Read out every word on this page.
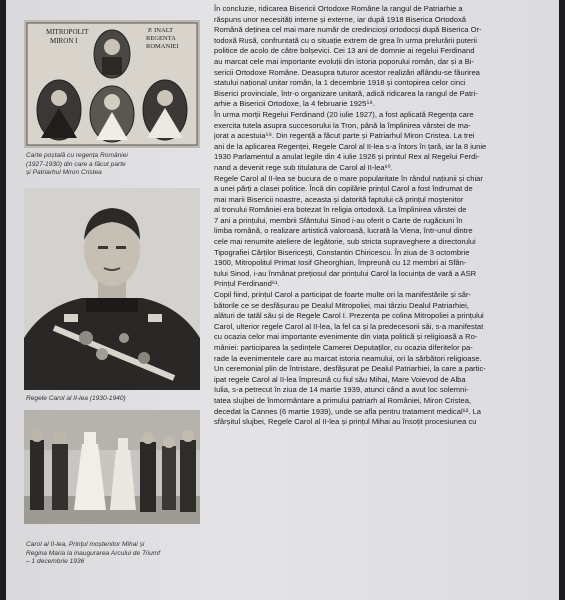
MITROPOLIT
MIRON I
P. INALT
REGENTA
ROMANIEI
Carte poștală cu regența României
(1927-1930) din care a făcut parte
și Patriarhul Miron Cristea
Regele Carol al II-lea (1930-1940)
Carol al II-lea, Prințul moștenitor Mihai și
Regina Maria la inaugurarea Arcului de Triumf
– 1 decembrie 1936
În concluzie, ridicarea Bisericii Ortodoxe Române la rangul de Patriarhie a
răspuns unor necesități interne și externe, iar după 1918 Biserica Ortodoxă
Română deținea cel mai mare număr de credincioși ortodocși după Biserica Or-
todoxă Rusă, confruntată cu o situație extrem de grea în urma prelurării puterii
politice de acolo de către bolșevici. Cei 13 ani de domnie ai regelui Ferdinand
au marcat cele mai importante evoluții din istoria poporului român, dar și a Bi-
sericii Ortodoxe Române. Deasupra tuturor acestor realizări aflându-se făurirea
statului național unitar român, la 1 decembrie 1918 și contopirea celor cinci
Biserici provinciale, într-o organizare unitară, adică ridicarea la rangul de Patri-
arhie a Bisericii Ortodoxe, la 4 februarie 1925⁵⁸.
În urma morții Regelui Ferdinand (20 iulie 1927), a fost aplicată Regența care
exercita tutela asupra succesorului la Tron, până la împlinirea vârstei de ma-
jorat a acestuia⁵⁹. Din regență a făcut parte și Patriarhul Miron Cristea. La trei
ani de la aplicarea Regenței, Regele Carol al II-lea s-a întors în țară, iar la 8 iunie
1930 Parlamentul a anulat legile din 4 iulie 1926 și printul Rex al Regelui Ferdi-
nand a devenit rege sub titulatura de Carol al II-lea⁶⁰.
Regele Carol al II-lea se bucura de o mare popularitate în rândul națiunii și chiar
a unei părți a clasei politice. Încă din copilărie prințul Carol a fost îndrumat de
mai marii Bisericii noastre, aceasta și datorită faptului că prințul moștenitor
al tronului României era botezat în religia ortodoxă. La împlinirea vârstei de
7 ani a prințului, membrii Sfântului Sinod i-au oferit o Carte de rugăciuni în
limba română, o realizare artistică valoroasă, lucrată la Viena, într-unul dintre
cele mai renumite ateliere de legătorie, sub stricta supraveghere a directorului
Tipografiei Cărților Bisericești, Constantin Chiricescu. În ziua de 3 octombrie
1900, Mitropolitul Primat Iosif Gheorghian, împreună cu 12 membri ai Sfân-
tului Sinod, i-au înmânat prețiosul dar prințului Carol la locuința de vară a ASR
Prințul Ferdinand⁶¹.
Copil fiind, prințul Carol a participat de foarte multe ori la manifestările și săr-
bătorile ce se desfășurau pe Dealul Mitropoliei, mai târziu Dealul Patriarhiei,
alături de tatăl său și de Regele Carol I. Prezența pe colina Mitropoliei a prințului
Carol, ulterior regele Carol al II-lea, la fel ca și la predecesorii săi, s-a manifestat
cu ocazia celor mai importante evenimente din viața politică și religioasă a Ro-
mâniei: participarea la ședințele Camerei Deputaților, cu ocazia diferitelor pa-
rade la evenimentele care au marcat istoria neamului, ori la sărbători religioase.
Un ceremonial plin de întristare, desfășurat pe Dealul Patriarhiei, la care a partic-
ipat regele Carol al II-lea împreună cu fiul său Mihai, Mare Voievod de Alba
Iulia, s-a petrecut în ziua de 14 martie 1939, atunci când a avut loc solemni-
tatea slujbei de înmormântare a primului patriarh al României, Miron Cristea,
decedat la Cannes (6 martie 1939), unde se afla pentru tratament medical⁶². La
sfârșitul slujbei, Regele Carol al II-lea și prințul Mihai au însoțit procesiunea cu
